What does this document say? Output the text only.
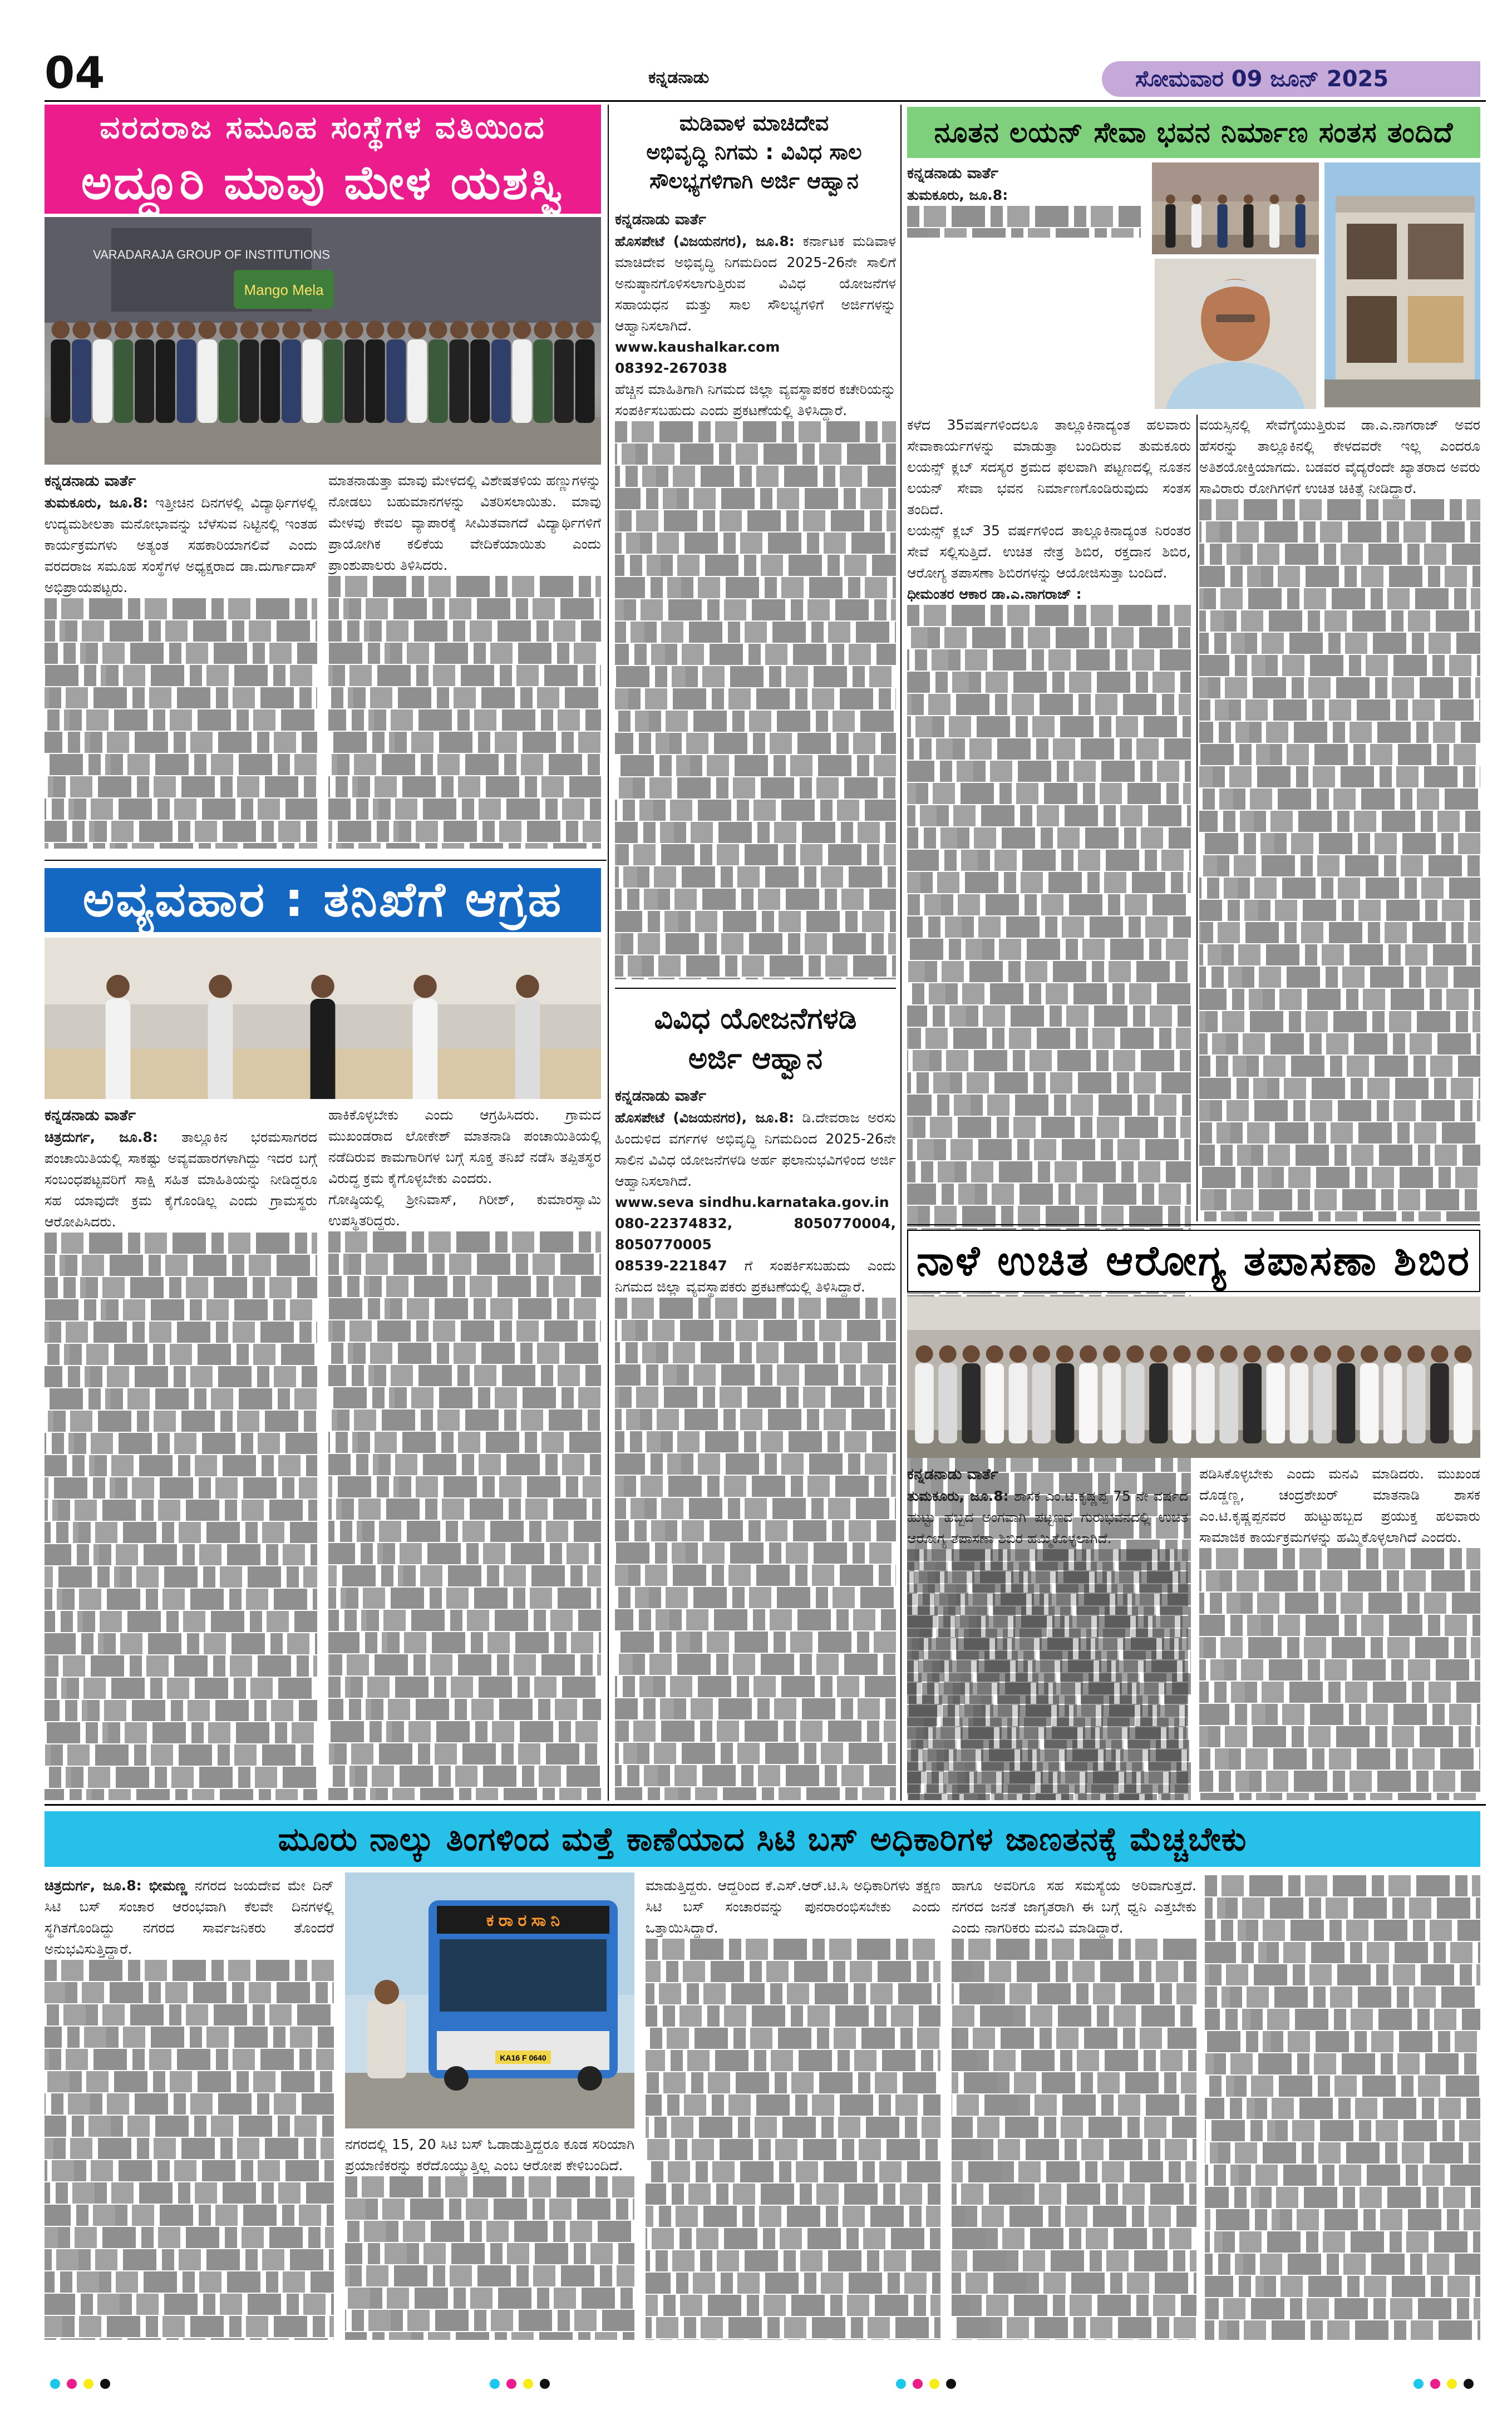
04	ಕನ್ನಡನಾಡು	ಸೋಮವಾರ 09 ಜೂನ್ 2025
ವರದರಾಜ ಸಮೂಹ ಸಂಸ್ಥೆಗಳ ವತಿಯಿಂದ
ಅದ್ದೂರಿ ಮಾವು ಮೇಳ ಯಶಸ್ವಿ
VARADARAJA GROUP OF INSTITUTIONS
Mango Mela
ಕನ್ನಡನಾಡು ವಾರ್ತೆ
ತುಮಕೂರು, ಜೂ.8: ಇತ್ತೀಚಿನ ದಿನಗಳಲ್ಲಿ ವಿದ್ಯಾರ್ಥಿಗಳಲ್ಲಿ ಉದ್ಯಮಶೀಲತಾ ಮನೋಭಾವನ್ನು ಬೆಳೆಸುವ ನಿಟ್ಟಿನಲ್ಲಿ ಇಂತಹ ಕಾರ್ಯಕ್ರಮಗಳು ಅತ್ಯಂತ ಸಹಕಾರಿಯಾಗಲಿವೆ ಎಂದು ವರದರಾಜ ಸಮೂಹ ಸಂಸ್ಥೆಗಳ ಅಧ್ಯಕ್ಷರಾದ ಡಾ.ದುರ್ಗಾದಾಸ್ ಅಭಿಪ್ರಾಯಪಟ್ಟರು.
ಮಾತನಾಡುತ್ತಾ ಮಾವು ಮೇಳದಲ್ಲಿ ವಿಶೇಷತಳಿಯ ಹಣ್ಣುಗಳನ್ನು ನೋಡಲು ಬಹುಮಾನಗಳನ್ನು ವಿತರಿಸಲಾಯಿತು. ಮಾವು ಮೇಳವು ಕೇವಲ ವ್ಯಾಪಾರಕ್ಕೆ ಸೀಮಿತವಾಗದೆ ವಿದ್ಯಾರ್ಥಿಗಳಿಗೆ ಪ್ರಾಯೋಗಿಕ ಕಲಿಕೆಯ ವೇದಿಕೆಯಾಯಿತು ಎಂದು ಪ್ರಾಂಶುಪಾಲರು ತಿಳಿಸಿದರು.
ಅವ್ಯವಹಾರ : ತನಿಖೆಗೆ ಆಗ್ರಹ
ಕನ್ನಡನಾಡು ವಾರ್ತೆ
ಚಿತ್ರದುರ್ಗ, ಜೂ.8: ತಾಲ್ಲೂಕಿನ ಭರಮಸಾಗರದ ಪಂಚಾಯಿತಿಯಲ್ಲಿ ಸಾಕಷ್ಟು ಅವ್ಯವಹಾರಗಳಾಗಿದ್ದು ಇದರ ಬಗ್ಗೆ ಸಂಬಂಧಪಟ್ಟವರಿಗೆ ಸಾಕ್ಷಿ ಸಹಿತ ಮಾಹಿತಿಯನ್ನು ನೀಡಿದ್ದರೂ ಸಹ ಯಾವುದೇ ಕ್ರಮ ಕೈಗೊಂಡಿಲ್ಲ ಎಂದು ಗ್ರಾಮಸ್ಥರು ಆರೋಪಿಸಿದರು.
ಹಾಕಿಕೊಳ್ಳಬೇಕು ಎಂದು ಆಗ್ರಹಿಸಿದರು. ಗ್ರಾಮದ ಮುಖಂಡರಾದ ಲೋಕೇಶ್ ಮಾತನಾಡಿ ಪಂಚಾಯಿತಿಯಲ್ಲಿ ನಡೆದಿರುವ ಕಾಮಗಾರಿಗಳ ಬಗ್ಗೆ ಸೂಕ್ತ ತನಿಖೆ ನಡೆಸಿ ತಪ್ಪಿತಸ್ಥರ ವಿರುದ್ಧ ಕ್ರಮ ಕೈಗೊಳ್ಳಬೇಕು ಎಂದರು.
ಗೋಷ್ಠಿಯಲ್ಲಿ ಶ್ರೀನಿವಾಸ್, ಗಿರೀಶ್, ಕುಮಾರಸ್ವಾಮಿ ಉಪಸ್ಥಿತರಿದ್ದರು.
ಮಡಿವಾಳ ಮಾಚಿದೇವ
ಅಭಿವೃದ್ಧಿ ನಿಗಮ : ವಿವಿಧ ಸಾಲ
ಸೌಲಭ್ಯಗಳಿಗಾಗಿ ಅರ್ಜಿ ಆಹ್ವಾನ
ಕನ್ನಡನಾಡು ವಾರ್ತೆ
ಹೊಸಪೇಟೆ (ವಿಜಯನಗರ), ಜೂ.8: ಕರ್ನಾಟಕ ಮಡಿವಾಳ ಮಾಚಿದೇವ ಅಭಿವೃದ್ಧಿ ನಿಗಮದಿಂದ 2025-26ನೇ ಸಾಲಿಗೆ ಅನುಷ್ಠಾನಗೊಳಿಸಲಾಗುತ್ತಿರುವ ವಿವಿಧ ಯೋಜನೆಗಳ ಸಹಾಯಧನ ಮತ್ತು ಸಾಲ ಸೌಲಭ್ಯಗಳಿಗೆ ಅರ್ಜಿಗಳನ್ನು ಆಹ್ವಾನಿಸಲಾಗಿದೆ.
www.kaushalkar.com
08392-267038
ಹೆಚ್ಚಿನ ಮಾಹಿತಿಗಾಗಿ ನಿಗಮದ ಜಿಲ್ಲಾ ವ್ಯವಸ್ಥಾಪಕರ ಕಚೇರಿಯನ್ನು ಸಂಪರ್ಕಿಸಬಹುದು ಎಂದು ಪ್ರಕಟಣೆಯಲ್ಲಿ ತಿಳಿಸಿದ್ದಾರೆ.
ವಿವಿಧ ಯೋಜನೆಗಳಡಿ
ಅರ್ಜಿ ಆಹ್ವಾನ
ಕನ್ನಡನಾಡು ವಾರ್ತೆ
ಹೊಸಪೇಟೆ (ವಿಜಯನಗರ), ಜೂ.8: ಡಿ.ದೇವರಾಜ ಅರಸು ಹಿಂದುಳಿದ ವರ್ಗಗಳ ಅಭಿವೃದ್ಧಿ ನಿಗಮದಿಂದ 2025-26ನೇ ಸಾಲಿನ ವಿವಿಧ ಯೋಜನೆಗಳಡಿ ಅರ್ಹ ಫಲಾನುಭವಿಗಳಿಂದ ಅರ್ಜಿ ಆಹ್ವಾನಿಸಲಾಗಿದೆ.
www.seva sindhu.karnataka.gov.in
080-22374832, 8050770004, 8050770005
08539-221847 ಗೆ ಸಂಪರ್ಕಿಸಬಹುದು ಎಂದು ನಿಗಮದ ಜಿಲ್ಲಾ ವ್ಯವಸ್ಥಾಪಕರು ಪ್ರಕಟಣೆಯಲ್ಲಿ ತಿಳಿಸಿದ್ದಾರೆ.
ನೂತನ ಲಯನ್ ಸೇವಾ ಭವನ ನಿರ್ಮಾಣ ಸಂತಸ ತಂದಿದೆ
ಕನ್ನಡನಾಡು ವಾರ್ತೆ
ತುಮಕೂರು, ಜೂ.8:
ಕಳೆದ 35ವರ್ಷಗಳಿಂದಲೂ ತಾಲ್ಲೂಕಿನಾದ್ಯಂತ ಹಲವಾರು ಸೇವಾಕಾರ್ಯಗಳನ್ನು ಮಾಡುತ್ತಾ ಬಂದಿರುವ ತುಮಕೂರು ಲಯನ್ಸ್ ಕ್ಲಬ್ ಸದಸ್ಯರ ಶ್ರಮದ ಫಲವಾಗಿ ಪಟ್ಟಣದಲ್ಲಿ ನೂತನ ಲಯನ್ ಸೇವಾ ಭವನ ನಿರ್ಮಾಣಗೊಂಡಿರುವುದು ಸಂತಸ ತಂದಿದೆ.
ಲಯನ್ಸ್ ಕ್ಲಬ್ 35 ವರ್ಷಗಳಿಂದ ತಾಲ್ಲೂಕಿನಾದ್ಯಂತ ನಿರಂತರ ಸೇವೆ ಸಲ್ಲಿಸುತ್ತಿದೆ. ಉಚಿತ ನೇತ್ರ ಶಿಬಿರ, ರಕ್ತದಾನ ಶಿಬಿರ, ಆರೋಗ್ಯ ತಪಾಸಣಾ ಶಿಬಿರಗಳನ್ನು ಆಯೋಜಿಸುತ್ತಾ ಬಂದಿದೆ.
ಧೀಮಂತರ ಆಕಾರ ಡಾ.ಎ.ನಾಗರಾಜ್ :
ವಯಸ್ಸಿನಲ್ಲಿ ಸೇವೆಗೈಯುತ್ತಿರುವ ಡಾ.ಎ.ನಾಗರಾಜ್ ಅವರ ಹೆಸರನ್ನು ತಾಲ್ಲೂಕಿನಲ್ಲಿ ಕೇಳದವರೇ ಇಲ್ಲ ಎಂದರೂ ಅತಿಶಯೋಕ್ತಿಯಾಗದು. ಬಡವರ ವೈದ್ಯರೆಂದೇ ಖ್ಯಾತರಾದ ಅವರು ಸಾವಿರಾರು ರೋಗಿಗಳಿಗೆ ಉಚಿತ ಚಿಕಿತ್ಸೆ ನೀಡಿದ್ದಾರೆ.
ನಾಳೆ ಉಚಿತ ಆರೋಗ್ಯ ತಪಾಸಣಾ ಶಿಬಿರ
ಕನ್ನಡನಾಡು ವಾರ್ತೆ
ತುಮಕೂರು, ಜೂ.8: ಶಾಸಕ ಎಂ.ಟಿ.ಕೃಷ್ಣಪ್ಪ 75 ನೇ ವರ್ಷದ ಹುಟ್ಟು ಹಬ್ಬದ ಅಂಗವಾಗಿ ಪಟ್ಟಣದ ಗುರುಭವನದಲ್ಲಿ ಉಚಿತ ಆರೋಗ್ಯ ತಪಾಸಣಾ ಶಿಬಿರ ಹಮ್ಮಿಕೊಳ್ಳಲಾಗಿದೆ.
ಪಡಿಸಿಕೊಳ್ಳಬೇಕು ಎಂದು ಮನವಿ ಮಾಡಿದರು. ಮುಖಂಡ ದೊಡ್ಡಣ್ಣ, ಚಂದ್ರಶೇಖರ್ ಮಾತನಾಡಿ ಶಾಸಕ ಎಂ.ಟಿ.ಕೃಷ್ಣಪ್ಪನವರ ಹುಟ್ಟುಹಬ್ಬದ ಪ್ರಯುಕ್ತ ಹಲವಾರು ಸಾಮಾಜಿಕ ಕಾರ್ಯಕ್ರಮಗಳನ್ನು ಹಮ್ಮಿಕೊಳ್ಳಲಾಗಿದೆ ಎಂದರು.
ಮೂರು ನಾಲ್ಕು ತಿಂಗಳಿಂದ ಮತ್ತೆ ಕಾಣೆಯಾದ ಸಿಟಿ ಬಸ್ ಅಧಿಕಾರಿಗಳ ಜಾಣತನಕ್ಕೆ ಮೆಚ್ಚಬೇಕು
ಚಿತ್ರದುರ್ಗ, ಜೂ.8: ಭೀಮಣ್ಣ ನಗರದ ಜಯದೇವ ಮೇ ದಿನ್ ಸಿಟಿ ಬಸ್ ಸಂಚಾರ ಆರಂಭವಾಗಿ ಕೆಲವೇ ದಿನಗಳಲ್ಲಿ ಸ್ಥಗಿತಗೊಂಡಿದ್ದು ನಗರದ ಸಾರ್ವಜನಿಕರು ತೊಂದರೆ ಅನುಭವಿಸುತ್ತಿದ್ದಾರೆ.
ಕ ರಾ ರ ಸಾ ನಿ
KA16 F 0640
ನಗರದಲ್ಲಿ 15, 20 ಸಿಟಿ ಬಸ್ ಓಡಾಡುತ್ತಿದ್ದರೂ ಕೂಡ ಸರಿಯಾಗಿ ಪ್ರಯಾಣಿಕರನ್ನು ಕರೆದೊಯ್ಯುತ್ತಿಲ್ಲ ಎಂಬ ಆರೋಪ ಕೇಳಿಬಂದಿದೆ.
ಮಾಡುತ್ತಿದ್ದರು. ಆದ್ದರಿಂದ ಕೆ.ಎಸ್.ಆರ್.ಟಿ.ಸಿ ಅಧಿಕಾರಿಗಳು ತಕ್ಷಣ ಸಿಟಿ ಬಸ್ ಸಂಚಾರವನ್ನು ಪುನರಾರಂಭಿಸಬೇಕು ಎಂದು ಒತ್ತಾಯಿಸಿದ್ದಾರೆ.
ಹಾಗೂ ಅವರಿಗೂ ಸಹ ಸಮಸ್ಯೆಯ ಅರಿವಾಗುತ್ತದೆ. ನಗರದ ಜನತೆ ಜಾಗೃತರಾಗಿ ಈ ಬಗ್ಗೆ ಧ್ವನಿ ಎತ್ತಬೇಕು ಎಂದು ನಾಗರಿಕರು ಮನವಿ ಮಾಡಿದ್ದಾರೆ.
